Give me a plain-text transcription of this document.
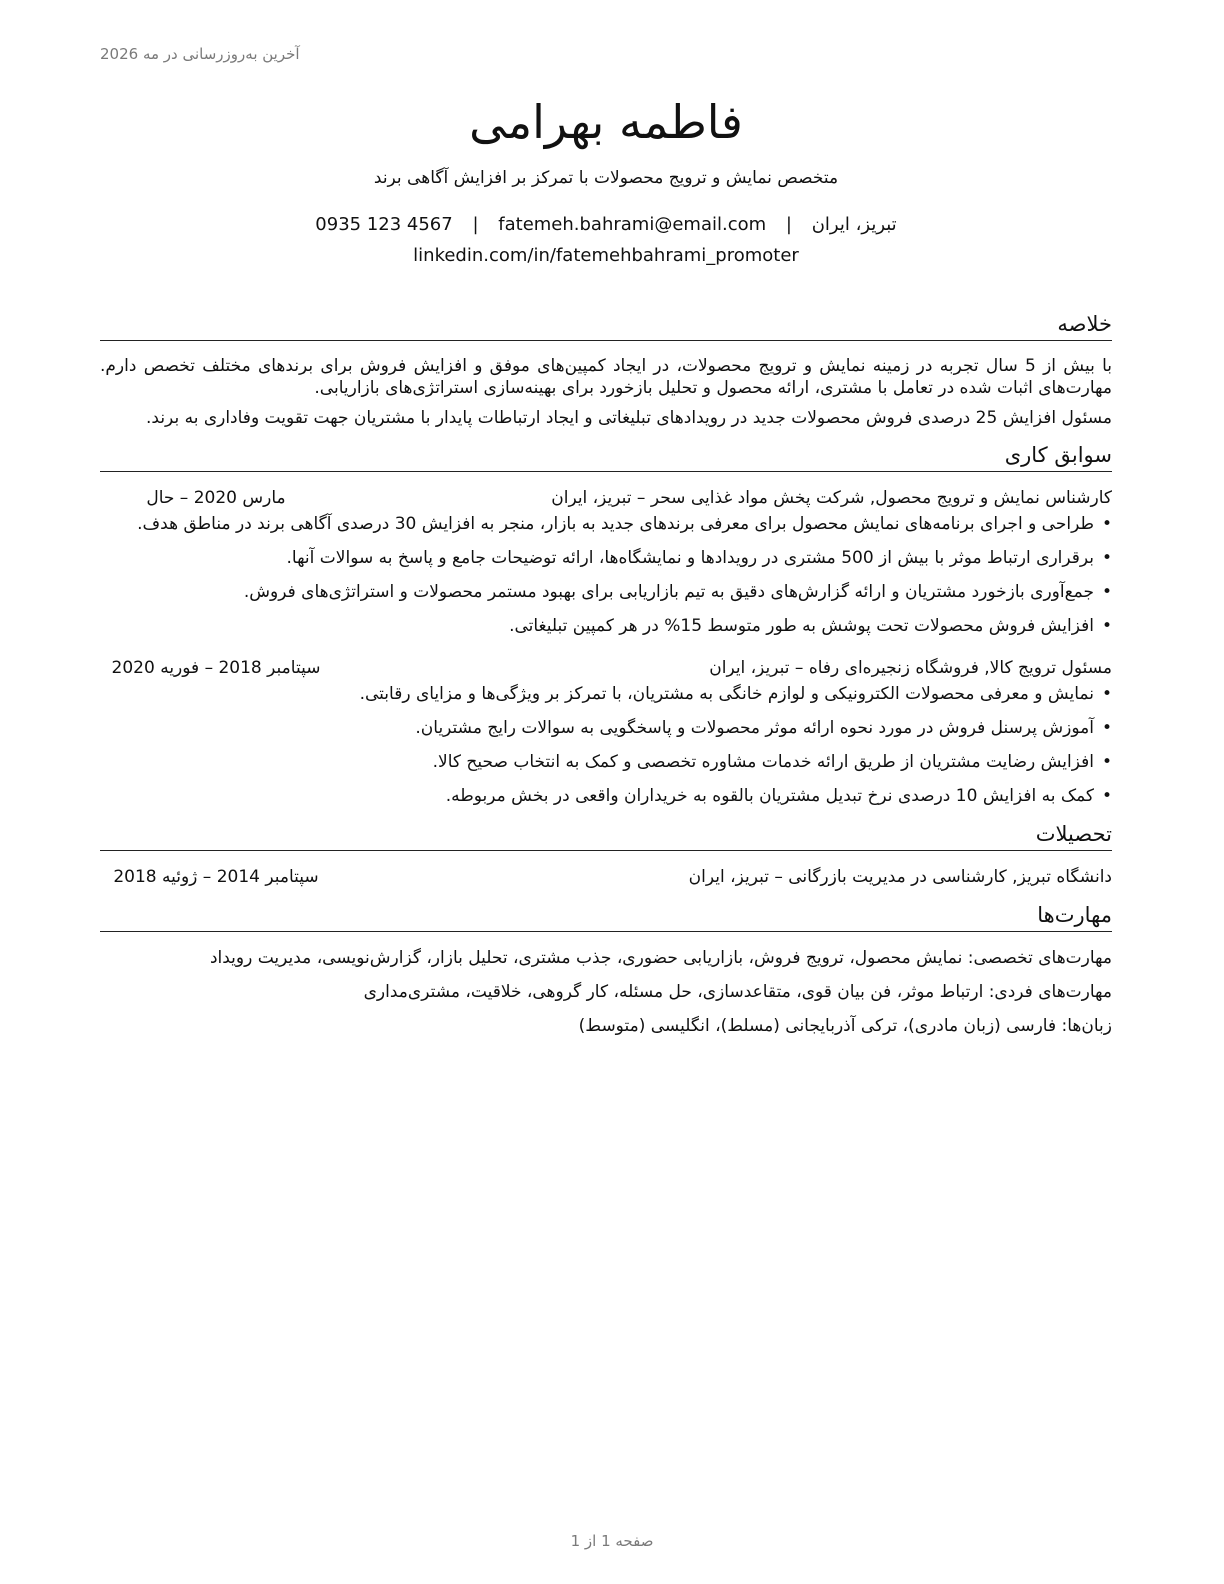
آخرین به‌روزرسانی در مه 2026
فاطمه بهرامی
متخصص نمایش و ترویج محصولات با تمرکز بر افزایش آگاهی برند
تبریز، ایران | fatemeh.bahrami@email.com | 0935 123 4567
linkedin.com/in/fatemehbahrami_promoter
خلاصه

با بیش از 5 سال تجربه در زمینه نمایش و ترویج محصولات، در ایجاد کمپین‌های موفق و افزایش فروش برای برندهای مختلف تخصص دارم. مهارت‌های اثبات شده در تعامل با مشتری، ارائه محصول و تحلیل بازخورد برای بهینه‌سازی استراتژی‌های بازاریابی.

مسئول افزایش 25 درصدی فروش محصولات جدید در رویدادهای تبلیغاتی و ایجاد ارتباطات پایدار با مشتریان جهت تقویت وفاداری به برند.

سوابق کاری
کارشناس نمایش و ترویج محصول, شرکت پخش مواد غذایی سحر – تبریز، ایران
مارس 2020 – حال
• طراحی و اجرای برنامه‌های نمایش محصول برای معرفی برندهای جدید به بازار، منجر به افزایش 30 درصدی آگاهی برند در مناطق هدف.
• برقراری ارتباط موثر با بیش از 500 مشتری در رویدادها و نمایشگاه‌ها، ارائه توضیحات جامع و پاسخ به سوالات آنها.
• جمع‌آوری بازخورد مشتریان و ارائه گزارش‌های دقیق به تیم بازاریابی برای بهبود مستمر محصولات و استراتژی‌های فروش.
• افزایش فروش محصولات تحت پوشش به طور متوسط 15% در هر کمپین تبلیغاتی.
مسئول ترویج کالا, فروشگاه زنجیره‌ای رفاه – تبریز، ایران
سپتامبر 2018 – فوریه 2020
• نمایش و معرفی محصولات الکترونیکی و لوازم خانگی به مشتریان، با تمرکز بر ویژگی‌ها و مزایای رقابتی.
• آموزش پرسنل فروش در مورد نحوه ارائه موثر محصولات و پاسخگویی به سوالات رایج مشتریان.
• افزایش رضایت مشتریان از طریق ارائه خدمات مشاوره تخصصی و کمک به انتخاب صحیح کالا.
• کمک به افزایش 10 درصدی نرخ تبدیل مشتریان بالقوه به خریداران واقعی در بخش مربوطه.
تحصیلات
دانشگاه تبریز, کارشناسی در مدیریت بازرگانی – تبریز، ایران
سپتامبر 2014 – ژوئیه 2018
مهارت‌ها
مهارت‌های تخصصی: نمایش محصول، ترویج فروش، بازاریابی حضوری، جذب مشتری، تحلیل بازار، گزارش‌نویسی، مدیریت رویداد
مهارت‌های فردی: ارتباط موثر، فن بیان قوی، متقاعدسازی، حل مسئله، کار گروهی، خلاقیت، مشتری‌مداری
زبان‌ها: فارسی (زبان مادری)، ترکی آذربایجانی (مسلط)، انگلیسی (متوسط)
صفحه 1 از 1
